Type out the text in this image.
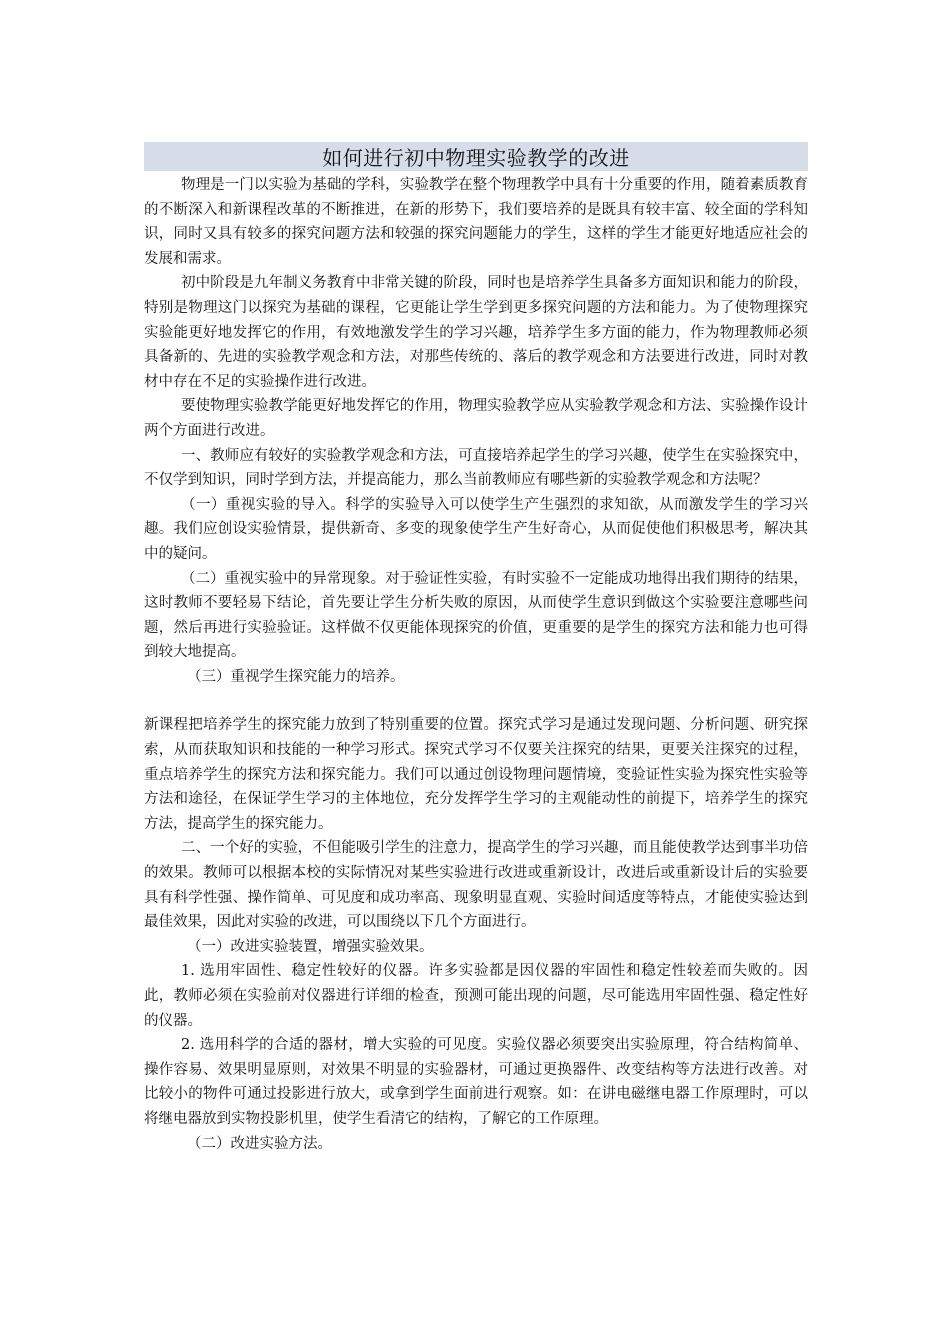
如何进行初中物理实验教学的改进

物理是一门以实验为基础的学科，实验教学在整个物理教学中具有十分重要的作用，随着素质教育的不断深入和新课程改革的不断推进，在新的形势下，我们要培养的是既具有较丰富、较全面的学科知识，同时又具有较多的探究问题方法和较强的探究问题能力的学生，这样的学生才能更好地适应社会的发展和需求。

初中阶段是九年制义务教育中非常关键的阶段，同时也是培养学生具备多方面知识和能力的阶段，特别是物理这门以探究为基础的课程，它更能让学生学到更多探究问题的方法和能力。为了使物理探究实验能更好地发挥它的作用，有效地激发学生的学习兴趣，培养学生多方面的能力，作为物理教师必须具备新的、先进的实验教学观念和方法，对那些传统的、落后的教学观念和方法要进行改进，同时对教材中存在不足的实验操作进行改进。

要使物理实验教学能更好地发挥它的作用，物理实验教学应从实验教学观念和方法、实验操作设计两个方面进行改进。

一、教师应有较好的实验教学观念和方法，可直接培养起学生的学习兴趣，使学生在实验探究中，不仅学到知识，同时学到方法，并提高能力，那么当前教师应有哪些新的实验教学观念和方法呢？

（一）重视实验的导入。科学的实验导入可以使学生产生强烈的求知欲，从而激发学生的学习兴趣。我们应创设实验情景，提供新奇、多变的现象使学生产生好奇心，从而促使他们积极思考，解决其中的疑问。

（二）重视实验中的异常现象。对于验证性实验，有时实验不一定能成功地得出我们期待的结果，这时教师不要轻易下结论，首先要让学生分析失败的原因，从而使学生意识到做这个实验要注意哪些问题，然后再进行实验验证。这样做不仅更能体现探究的价值，更重要的是学生的探究方法和能力也可得到较大地提高。

（三）重视学生探究能力的培养。

新课程把培养学生的探究能力放到了特别重要的位置。探究式学习是通过发现问题、分析问题、研究探索，从而获取知识和技能的一种学习形式。探究式学习不仅要关注探究的结果，更要关注探究的过程，重点培养学生的探究方法和探究能力。我们可以通过创设物理问题情境，变验证性实验为探究性实验等方法和途径，在保证学生学习的主体地位，充分发挥学生学习的主观能动性的前提下，培养学生的探究方法，提高学生的探究能力。

二、一个好的实验，不但能吸引学生的注意力，提高学生的学习兴趣，而且能使教学达到事半功倍的效果。教师可以根据本校的实际情况对某些实验进行改进或重新设计，改进后或重新设计后的实验要具有科学性强、操作简单、可见度和成功率高、现象明显直观、实验时间适度等特点，才能使实验达到最佳效果，因此对实验的改进，可以围绕以下几个方面进行。

（一）改进实验装置，增强实验效果。

1. 选用牢固性、稳定性较好的仪器。许多实验都是因仪器的牢固性和稳定性较差而失败的。因此，教师必须在实验前对仪器进行详细的检查，预测可能出现的问题，尽可能选用牢固性强、稳定性好的仪器。

2. 选用科学的合适的器材，增大实验的可见度。实验仪器必须要突出实验原理，符合结构简单、操作容易、效果明显原则，对效果不明显的实验器材，可通过更换器件、改变结构等方法进行改善。对比较小的物件可通过投影进行放大，或拿到学生面前进行观察。如：在讲电磁继电器工作原理时，可以将继电器放到实物投影机里，使学生看清它的结构，了解它的工作原理。

（二）改进实验方法。
